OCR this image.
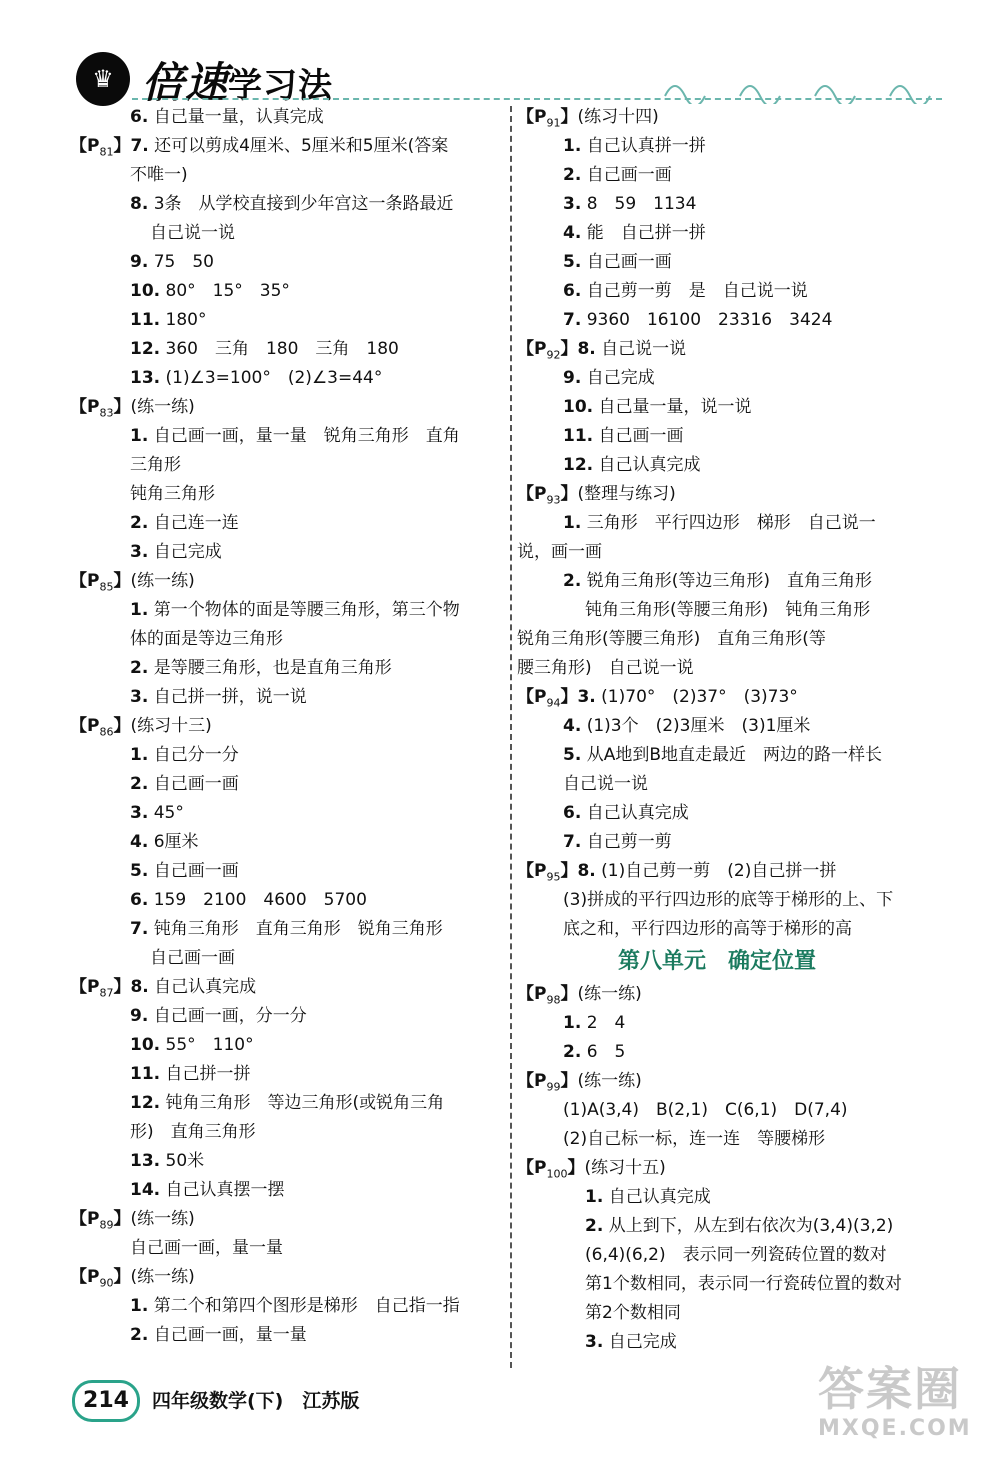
♛ 倍速学习法
6. 自己量一量，认真完成
【$P_{81}$】7. 还可以剪成4厘米、5厘米和5厘米(答案
不唯一)
8. 3条　从学校直接到少年宫这一条路最近
自己说一说
9. 75　50
10. 80°　15°　35°
11. 180°
12. 360　三角　180　三角　180
13. (1)∠3=100°　(2)∠3=44°
【$P_{83}$】(练一练)
1. 自己画一画，量一量　锐角三角形　直角
三角形
钝角三角形
2. 自己连一连
3. 自己完成
【$P_{85}$】(练一练)
1. 第一个物体的面是等腰三角形，第三个物
体的面是等边三角形
2. 是等腰三角形，也是直角三角形
3. 自己拼一拼，说一说
【$P_{86}$】(练习十三)
1. 自己分一分
2. 自己画一画
3. 45°
4. 6厘米
5. 自己画一画
6. 159　2100　4600　5700
7. 钝角三角形　直角三角形　锐角三角形
自己画一画
【$P_{87}$】8. 自己认真完成
9. 自己画一画，分一分
10. 55°　110°
11. 自己拼一拼
12. 钝角三角形　等边三角形(或锐角三角
形)　直角三角形
13. 50米
14. 自己认真摆一摆
【$P_{89}$】(练一练)
自己画一画，量一量
【$P_{90}$】(练一练)
1. 第二个和第四个图形是梯形　自己指一指
2. 自己画一画，量一量
【$P_{91}$】(练习十四)
1. 自己认真拼一拼
2. 自己画一画
3. 8　59　1134
4. 能　自己拼一拼
5. 自己画一画
6. 自己剪一剪　是　自己说一说
7. 9360　16100　23316　3424
【$P_{92}$】8. 自己说一说
9. 自己完成
10. 自己量一量，说一说
11. 自己画一画
12. 自己认真完成
【$P_{93}$】(整理与练习)
1. 三角形　平行四边形　梯形　自己说一
说，画一画
2. 锐角三角形(等边三角形)　直角三角形
钝角三角形(等腰三角形)　钝角三角形
锐角三角形(等腰三角形)　直角三角形(等
腰三角形)　自己说一说
【$P_{94}$】3. (1)70°　(2)37°　(3)73°
4. (1)3个　(2)3厘米　(3)1厘米
5. 从A地到B地直走最近　两边的路一样长
自己说一说
6. 自己认真完成
7. 自己剪一剪
【$P_{95}$】8. (1)自己剪一剪　(2)自己拼一拼
(3)拼成的平行四边形的底等于梯形的上、下
底之和，平行四边形的高等于梯形的高
第八单元　确定位置
【$P_{98}$】(练一练)
1. 2　4
2. 6　5
【$P_{99}$】(练一练)
(1)A(3,4)　B(2,1)　C(6,1)　D(7,4)
(2)自己标一标，连一连　等腰梯形
【$P_{100}$】(练习十五)
1. 自己认真完成
2. 从上到下，从左到右依次为(3,4)(3,2)
(6,4)(6,2)　表示同一列瓷砖位置的数对
第1个数相同，表示同一行瓷砖位置的数对
第2个数相同
3. 自己完成
214	四年级数学(下)　江苏版	答案圈
MXQE.COM
